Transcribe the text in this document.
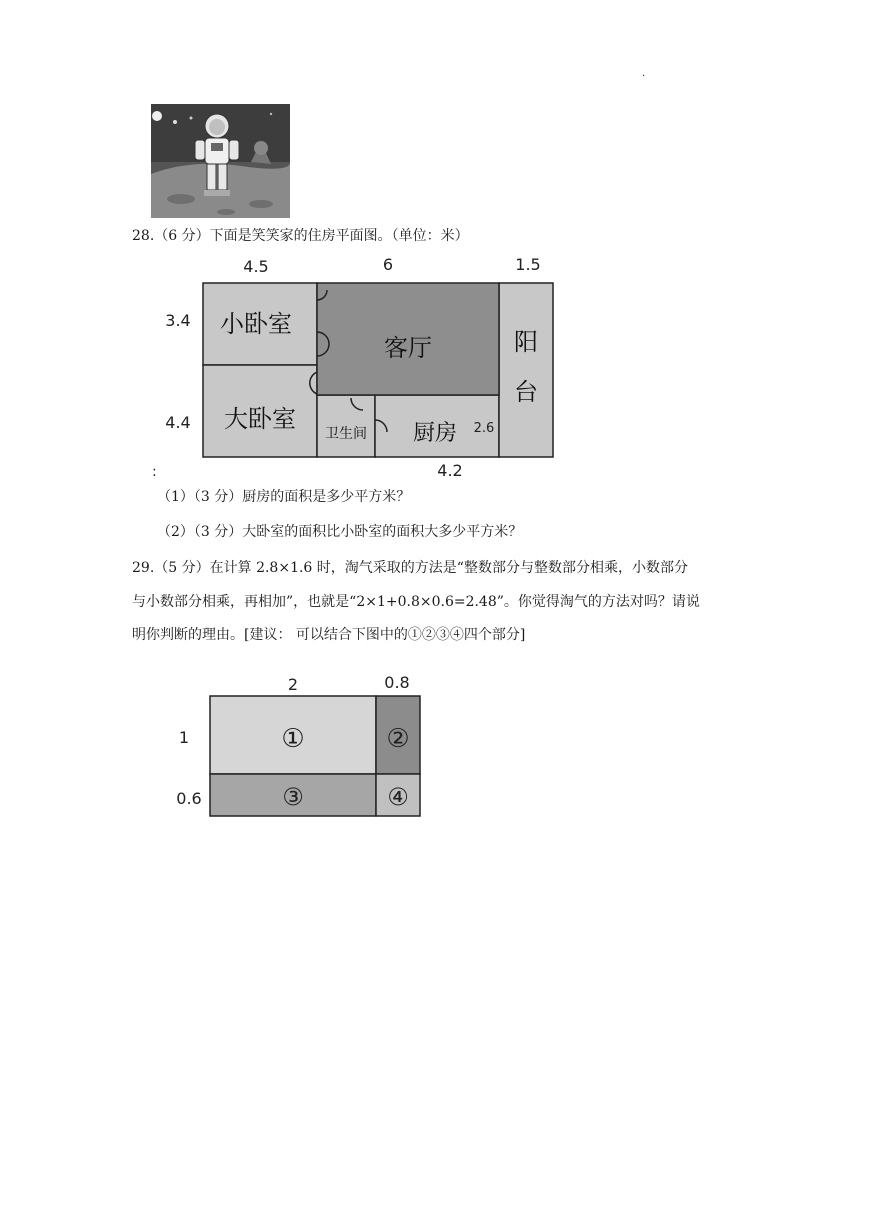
.
28.（6 分）下面是笑笑家的住房平面图。（单位：米）
4.5	6	1.5
3.4
4.4
4.2
2.6
:
小卧室
客厅	阳
台
大卧室
卫生间 厨房
（1）（3 分）厨房的面积是多少平方米？
（2）（3 分）大卧室的面积比小卧室的面积大多少平方米？
29.（5 分）在计算 2.8×1.6 时，淘气采取的方法是“整数部分与整数部分相乘，小数部分
与小数部分相乘，再相加”，也就是“2×1+0.8×0.6=2.48”。你觉得淘气的方法对吗？请说
明你判断的理由。[建议： 可以结合下图中的①②③④四个部分]
2	0.8
1
0.6
①	②
③	④
